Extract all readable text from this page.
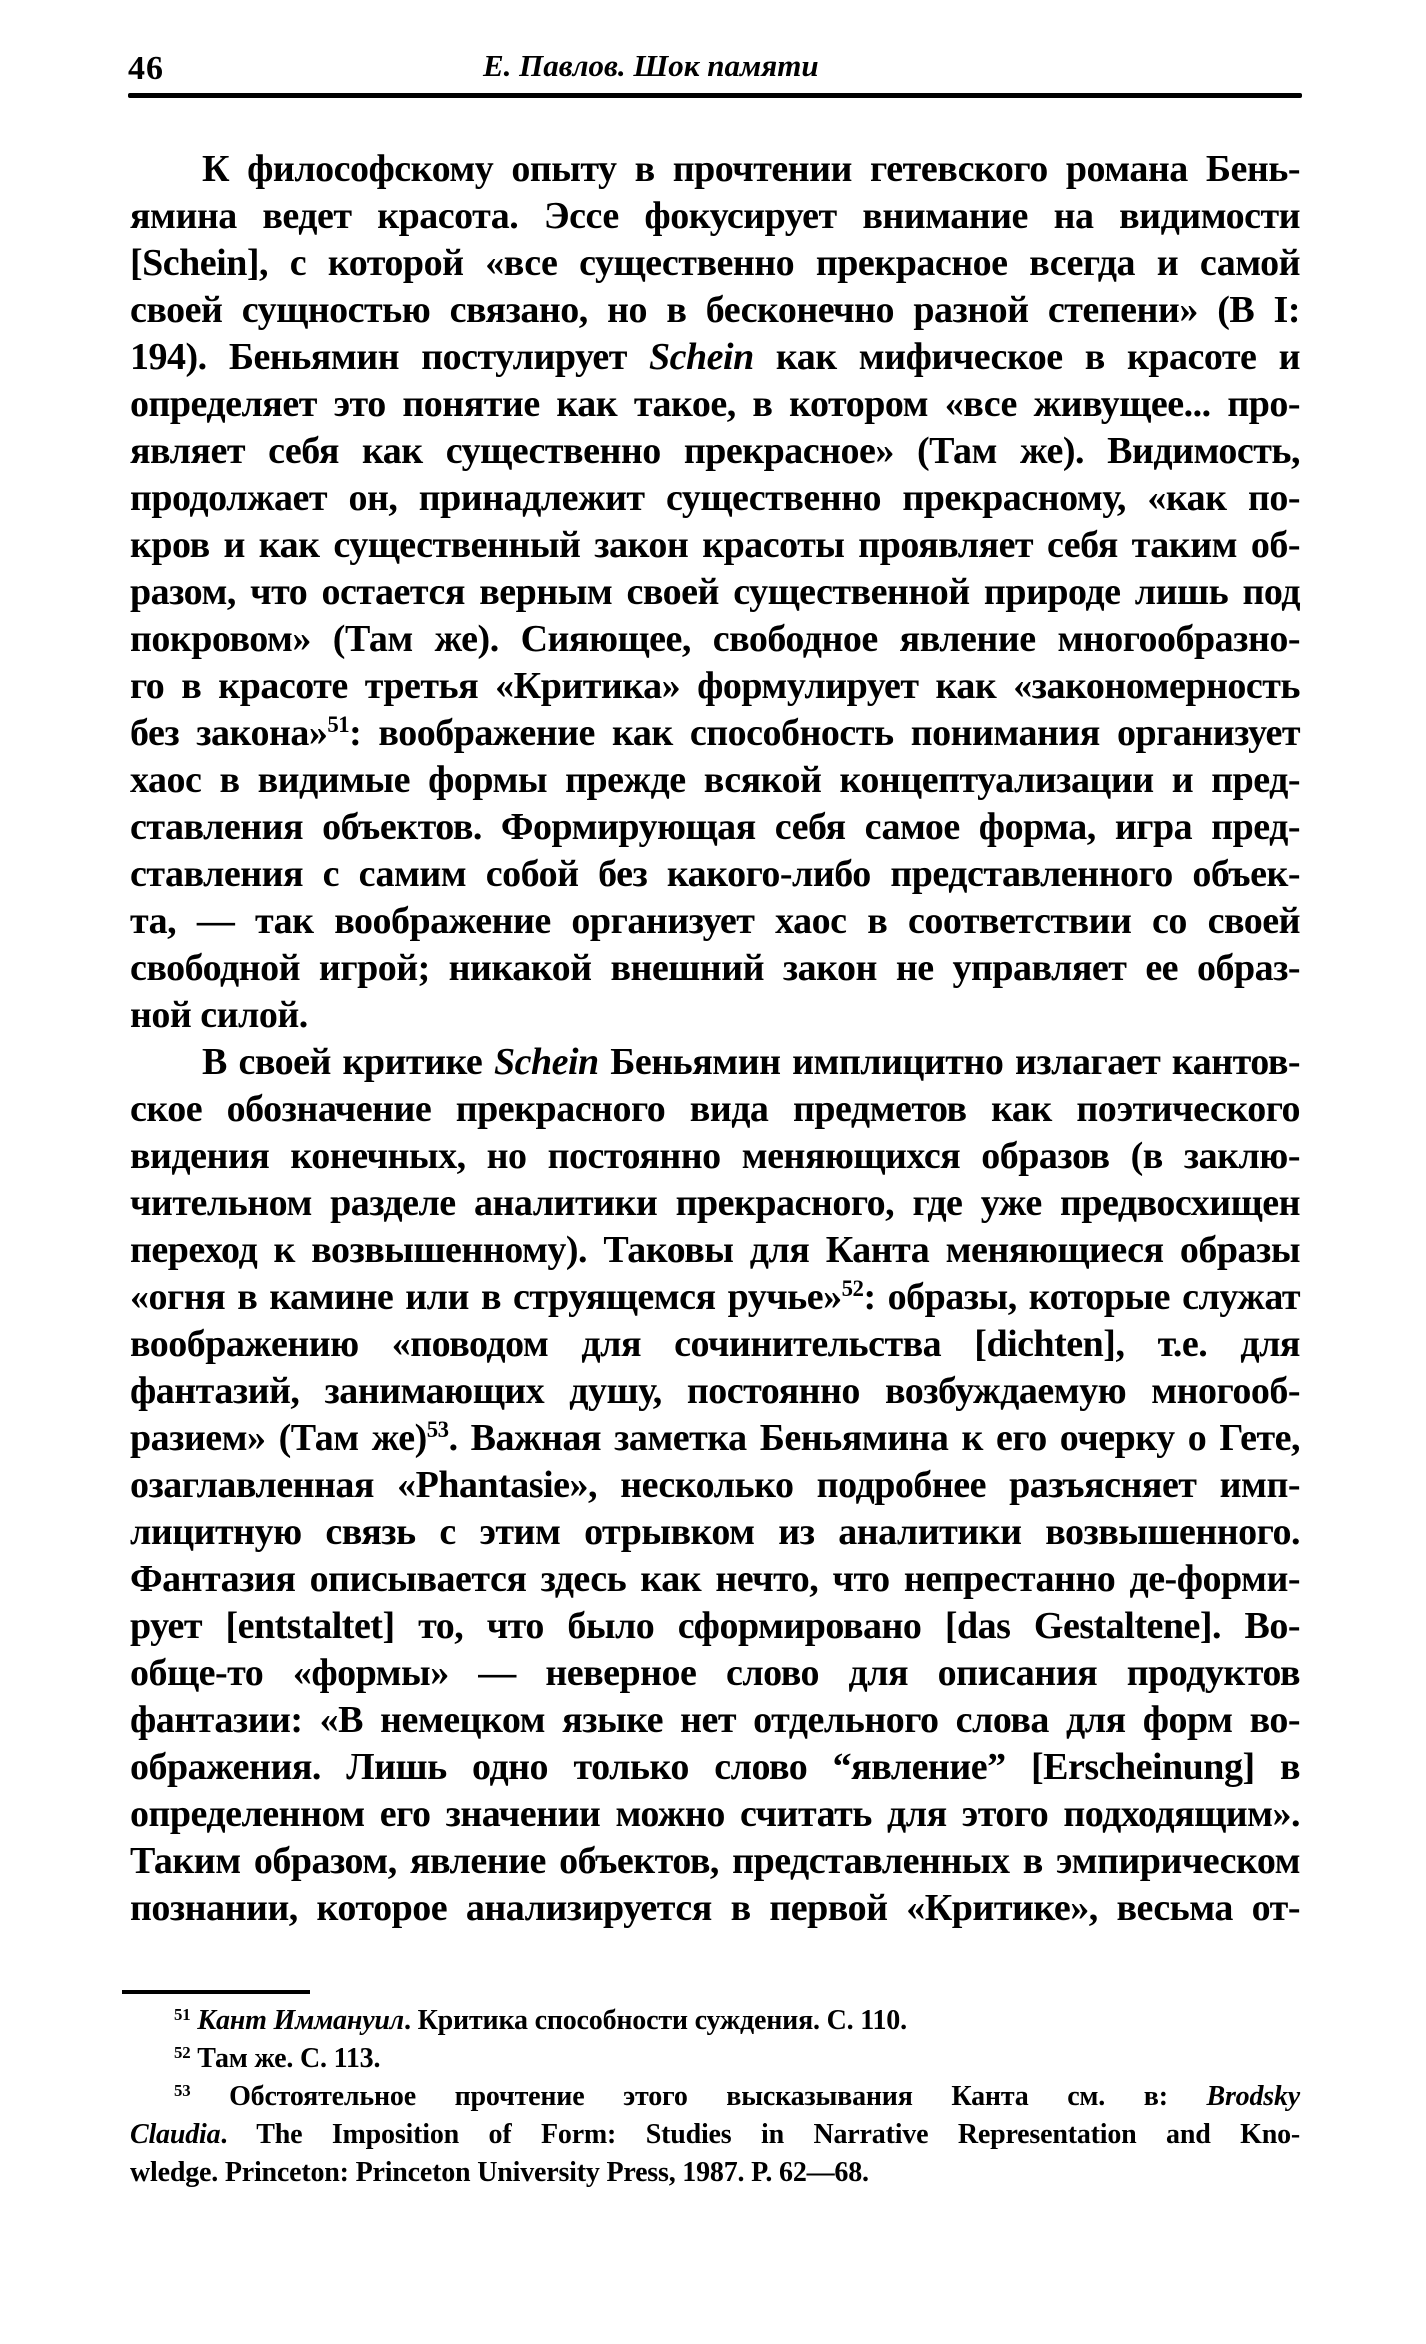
46	Е. Павлов. Шок памяти
К философскому опыту в прочтении гетевского романа Бень-
ямина ведет красота. Эссе фокусирует внимание на видимости
[Schein], с которой «все существенно прекрасное всегда и самой
своей сущностью связано, но в бесконечно разной степени» (B I:
194). Беньямин постулирует Schein как мифическое в красоте и
определяет это понятие как такое, в котором «все живущее... про-
являет себя как существенно прекрасное» (Там же). Видимость,
продолжает он, принадлежит существенно прекрасному, «как по-
кров и как существенный закон красоты проявляет себя таким об-
разом, что остается верным своей существенной природе лишь под
покровом» (Там же). Сияющее, свободное явление многообразно-
го в красоте третья «Критика» формулирует как «закономерность
без закона»$^{51}$: воображение как способность понимания организует
хаос в видимые формы прежде всякой концептуализации и пред-
ставления объектов. Формирующая себя самое форма, игра пред-
ставления с самим собой без какого-либо представленного объек-
та, — так воображение организует хаос в соответствии со своей
свободной игрой; никакой внешний закон не управляет ее образ-
ной силой.
В своей критике Schein Беньямин имплицитно излагает кантов-
ское обозначение прекрасного вида предметов как поэтического
видения конечных, но постоянно меняющихся образов (в заклю-
чительном разделе аналитики прекрасного, где уже предвосхищен
переход к возвышенному). Таковы для Канта меняющиеся образы
«огня в камине или в струящемся ручье»$^{52}$: образы, которые служат
воображению «поводом для сочинительства [dichten], т.е. для
фантазий, занимающих душу, постоянно возбуждаемую многооб-
разием» (Там же)$^{53}$. Важная заметка Беньямина к его очерку о Гете,
озаглавленная «Phantasie», несколько подробнее разъясняет имп-
лицитную связь с этим отрывком из аналитики возвышенного.
Фантазия описывается здесь как нечто, что непрестанно де-форми-
рует [entstaltet] то, что было сформировано [das Gestaltene]. Во-
обще-то «формы» — неверное слово для описания продуктов
фантазии: «В немецком языке нет отдельного слова для форм во-
ображения. Лишь одно только слово “явление” [Erscheinung] в
определенном его значении можно считать для этого подходящим».
Таким образом, явление объектов, представленных в эмпирическом
познании, которое анализируется в первой «Критике», весьма от-
$^{51}$ Кант Иммануил. Критика способности суждения. С. 110.
$^{52}$ Там же. С. 113.
$^{53}$ Обстоятельное прочтение этого высказывания Канта см. в: Brodsky
Claudia. The Imposition of Form: Studies in Narrative Representation and Kno-
wledge. Princeton: Princeton University Press, 1987. P. 62—68.
